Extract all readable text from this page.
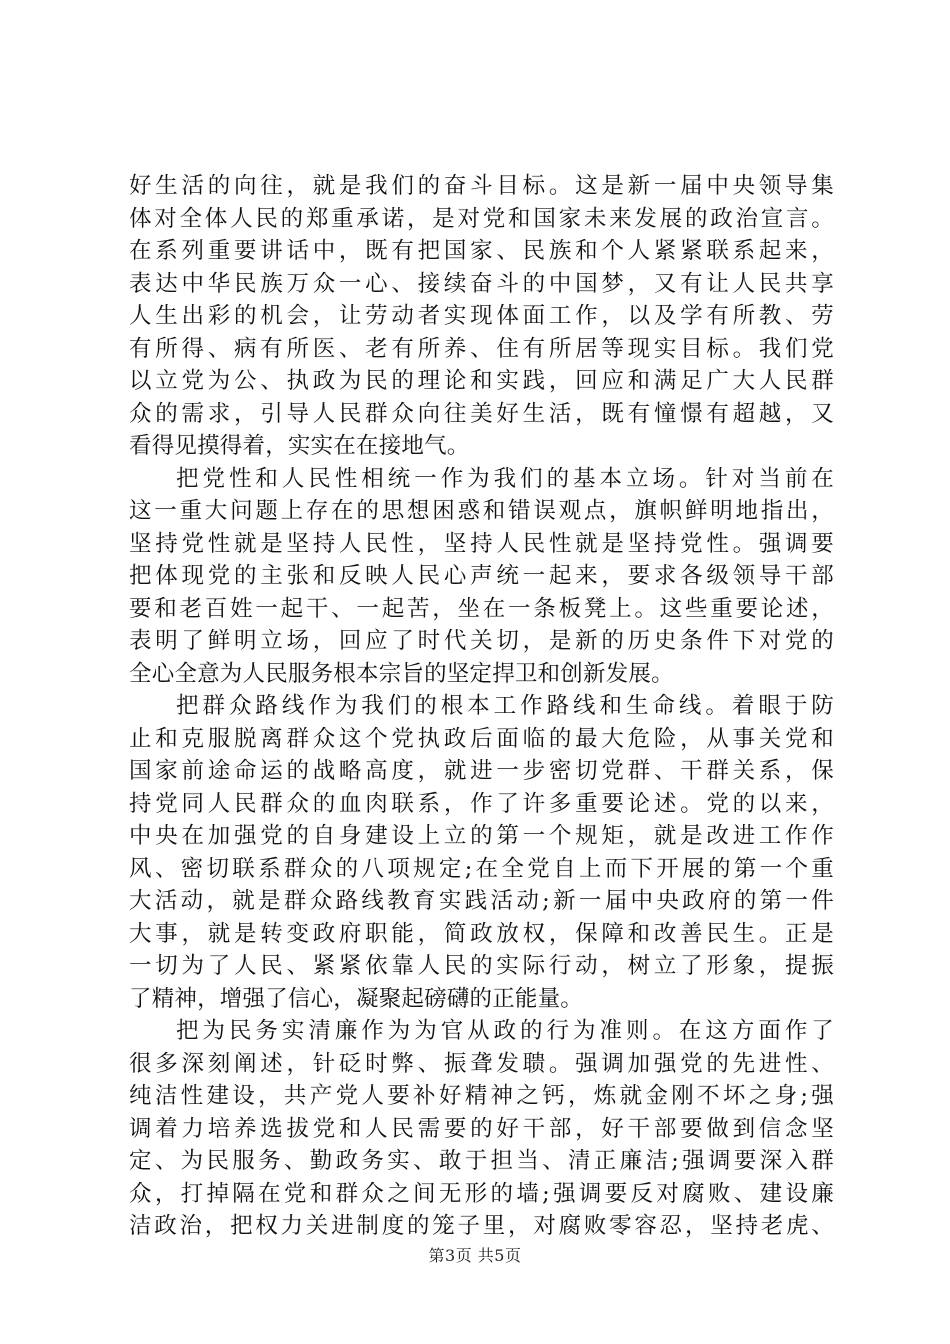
好生活的向往，就是我们的奋斗目标。这是新一届中央领导集
体对全体人民的郑重承诺，是对党和国家未来发展的政治宣言。
在系列重要讲话中，既有把国家、民族和个人紧紧联系起来，
表达中华民族万众一心、接续奋斗的中国梦，又有让人民共享
人生出彩的机会，让劳动者实现体面工作，以及学有所教、劳
有所得、病有所医、老有所养、住有所居等现实目标。我们党
以立党为公、执政为民的理论和实践，回应和满足广大人民群
众的需求，引导人民群众向往美好生活，既有憧憬有超越，又
看得见摸得着，实实在在接地气。
把党性和人民性相统一作为我们的基本立场。针对当前在
这一重大问题上存在的思想困惑和错误观点，旗帜鲜明地指出，
坚持党性就是坚持人民性，坚持人民性就是坚持党性。强调要
把体现党的主张和反映人民心声统一起来，要求各级领导干部
要和老百姓一起干、一起苦，坐在一条板凳上。这些重要论述，
表明了鲜明立场，回应了时代关切，是新的历史条件下对党的
全心全意为人民服务根本宗旨的坚定捍卫和创新发展。
把群众路线作为我们的根本工作路线和生命线。着眼于防
止和克服脱离群众这个党执政后面临的最大危险，从事关党和
国家前途命运的战略高度，就进一步密切党群、干群关系，保
持党同人民群众的血肉联系，作了许多重要论述。党的以来，
中央在加强党的自身建设上立的第一个规矩，就是改进工作作
风、密切联系群众的八项规定;在全党自上而下开展的第一个重
大活动，就是群众路线教育实践活动;新一届中央政府的第一件
大事，就是转变政府职能，简政放权，保障和改善民生。正是
一切为了人民、紧紧依靠人民的实际行动，树立了形象，提振
了精神，增强了信心，凝聚起磅礴的正能量。
把为民务实清廉作为为官从政的行为准则。在这方面作了
很多深刻阐述，针砭时弊、振聋发聩。强调加强党的先进性、
纯洁性建设，共产党人要补好精神之钙，炼就金刚不坏之身;强
调着力培养选拔党和人民需要的好干部，好干部要做到信念坚
定、为民服务、勤政务实、敢于担当、清正廉洁;强调要深入群
众，打掉隔在党和群众之间无形的墙;强调要反对腐败、建设廉
洁政治，把权力关进制度的笼子里，对腐败零容忍，坚持老虎、
第3页 共5页
